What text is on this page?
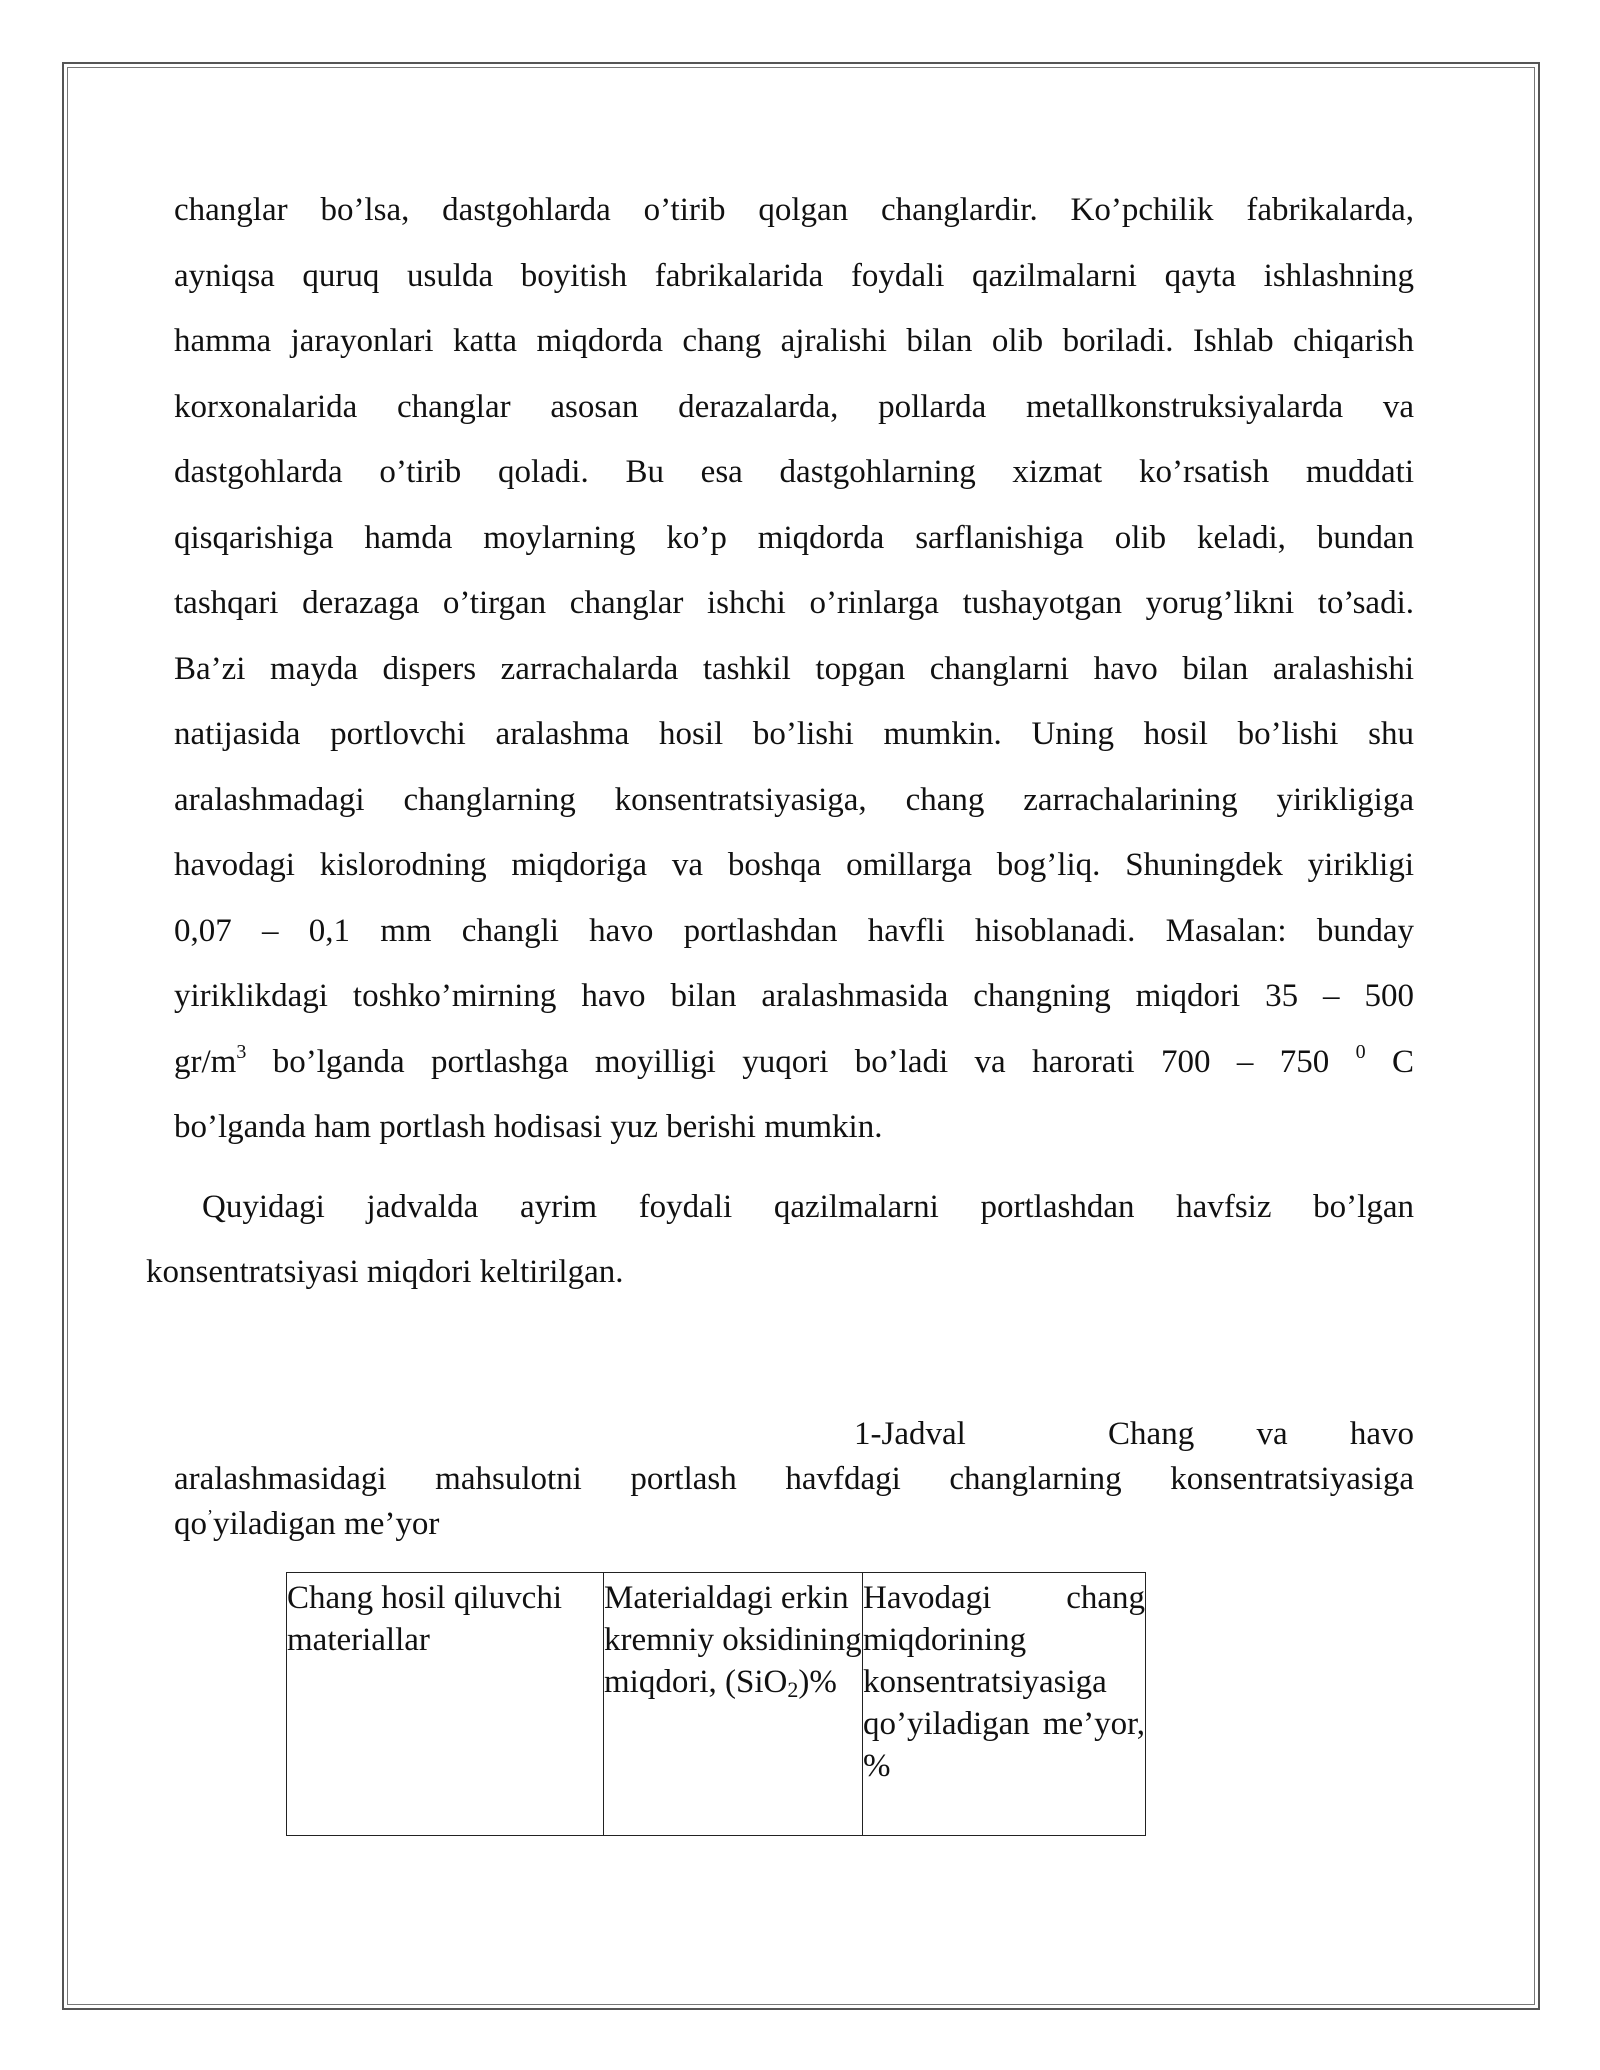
changlar bo’lsa, dastgohlarda o’tirib qolgan changlardir. Ko’pchilik fabrikalarda,
ayniqsa quruq usulda boyitish fabrikalarida foydali qazilmalarni qayta ishlashning
hamma jarayonlari katta miqdorda chang ajralishi bilan olib boriladi. Ishlab chiqarish
korxonalarida changlar asosan derazalarda, pollarda metallkonstruksiyalarda va
dastgohlarda o’tirib qoladi. Bu esa dastgohlarning xizmat ko’rsatish muddati
qisqarishiga hamda moylarning ko’p miqdorda sarflanishiga olib keladi, bundan
tashqari derazaga o’tirgan changlar ishchi o’rinlarga tushayotgan yorug’likni to’sadi.
Ba’zi mayda dispers zarrachalarda tashkil topgan changlarni havo bilan aralashishi
natijasida portlovchi aralashma hosil bo’lishi mumkin. Uning hosil bo’lishi shu
aralashmadagi changlarning konsentratsiyasiga, chang zarrachalarining yirikligiga
havodagi kislorodning miqdoriga va boshqa omillarga bog’liq. Shuningdek yirikligi
0,07 – 0,1 mm changli havo portlashdan havfli hisoblanadi. Masalan: bunday
yiriklikdagi toshko’mirning havo bilan aralashmasida changning miqdori 35 – 500
$gr/m^3$ bo’lganda portlashga moyilligi yuqori bo’ladi va harorati 700 – 750 $^0$ C
bo’lganda ham portlash hodisasi yuz berishi mumkin.
Quyidagi jadvalda ayrim foydali qazilmalarni portlashdan havfsiz bo’lgan
konsentratsiyasi miqdori keltirilgan.
1-Jadval	Chang va havo
aralashmasidagi mahsulotni portlash havfdagi changlarning konsentratsiyasiga
qo’yiladigan me’yor
Chang hosil qiluvchi materiallar	Materialdagi erkin kremniy oksidining miqdori, (SiO$_2$)%	Havodagi chang miqdorining konsentratsiyasiga qo’yiladigan me’yor, %
